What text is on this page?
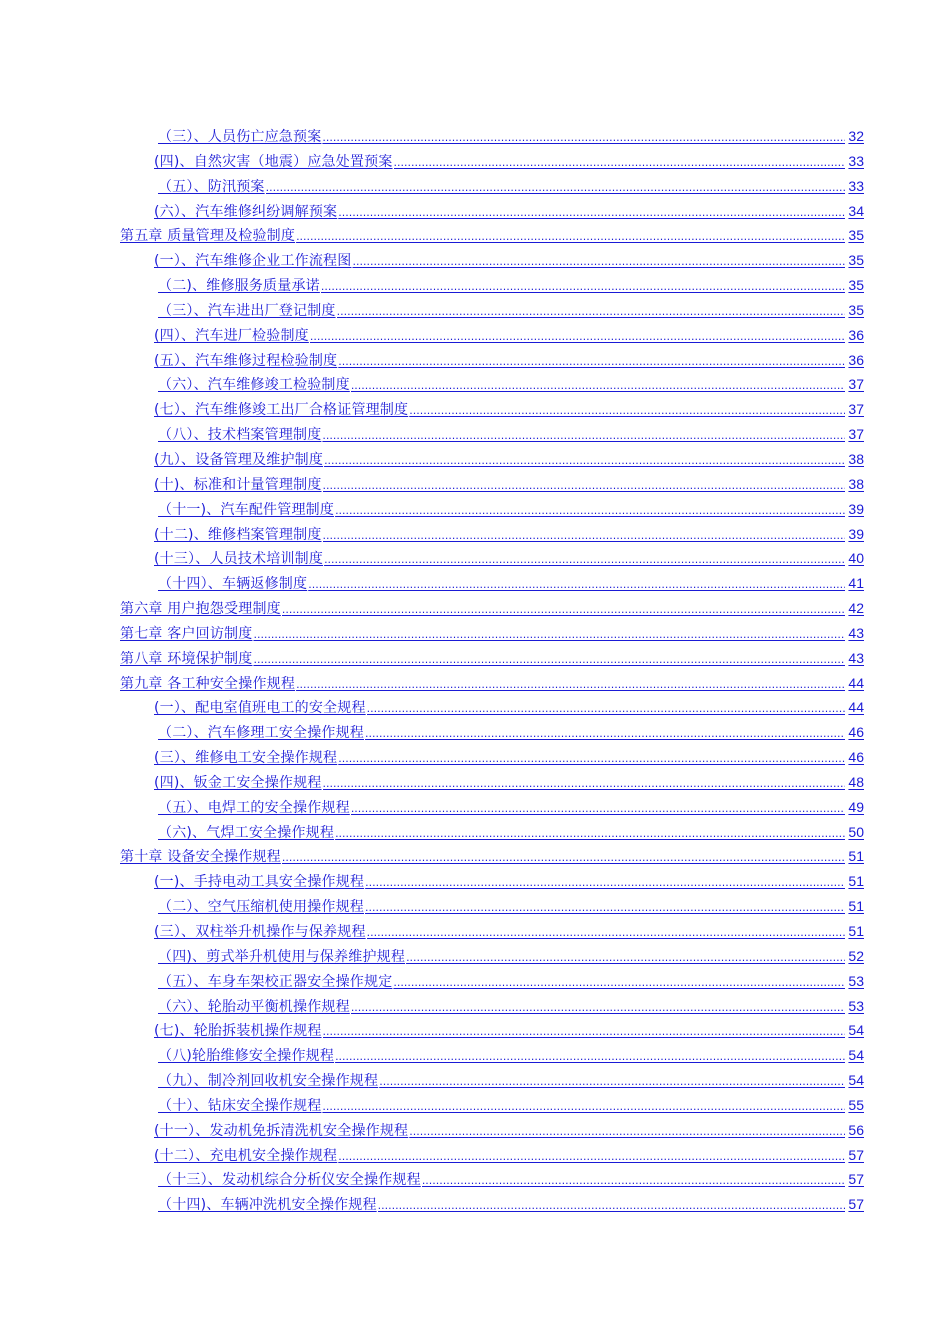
（三）、人员伤亡应急预案 .....	32
(四)、自然灾害（地震）应急处置预案 .....	33
（五）、防汛预案 .....	33
(六）、汽车维修纠纷调解预案 .....	34
第五章 质量管理及检验制度 .....	35
(一）、汽车维修企业工作流程图 .....	35
（二)、维修服务质量承诺 .....	35
（三）、汽车进出厂登记制度 .....	35
(四）、汽车进厂检验制度 .....	36
(五）、汽车维修过程检验制度 .....	36
（六）、汽车维修竣工检验制度 .....	37
(七）、汽车维修竣工出厂合格证管理制度 .....	37
（八）、技术档案管理制度 .....	37
(九）、设备管理及维护制度 .....	38
(十)、标准和计量管理制度 .....	38
（十一)、汽车配件管理制度 .....	39
(十二)、维修档案管理制度 .....	39
(十三）、人员技术培训制度 .....	40
（十四）、车辆返修制度 .....	41
第六章 用户抱怨受理制度 .....	42
第七章 客户回访制度 .....	43
第八章 环境保护制度 .....	43
第九章 各工种安全操作规程 .....	44
(一）、配电室值班电工的安全规程 .....	44
（二）、汽车修理工安全操作规程 .....	46
(三）、维修电工安全操作规程 .....	46
(四)、钣金工安全操作规程 .....	48
（五）、电焊工的安全操作规程 .....	49
（六)、气焊工安全操作规程 .....	50
第十章 设备安全操作规程 .....	51
(一)、手持电动工具安全操作规程 .....	51
（二）、空气压缩机使用操作规程 .....	51
(三）、双柱举升机操作与保养规程 .....	51
（四)、剪式举升机使用与保养维护规程 .....	52
（五）、车身车架校正器安全操作规定 .....	53
（六）、轮胎动平衡机操作规程 .....	53
(七)、轮胎拆装机操作规程 .....	54
（八)轮胎维修安全操作规程 .....	54
（九）、制冷剂回收机安全操作规程 .....	54
（十）、钻床安全操作规程 .....	55
(十一）、发动机免拆清洗机安全操作规程 .....	56
(十二）、充电机安全操作规程 .....	57
（十三）、发动机综合分析仪安全操作规程 .....	57
（十四)、车辆冲洗机安全操作规程 .....	57
